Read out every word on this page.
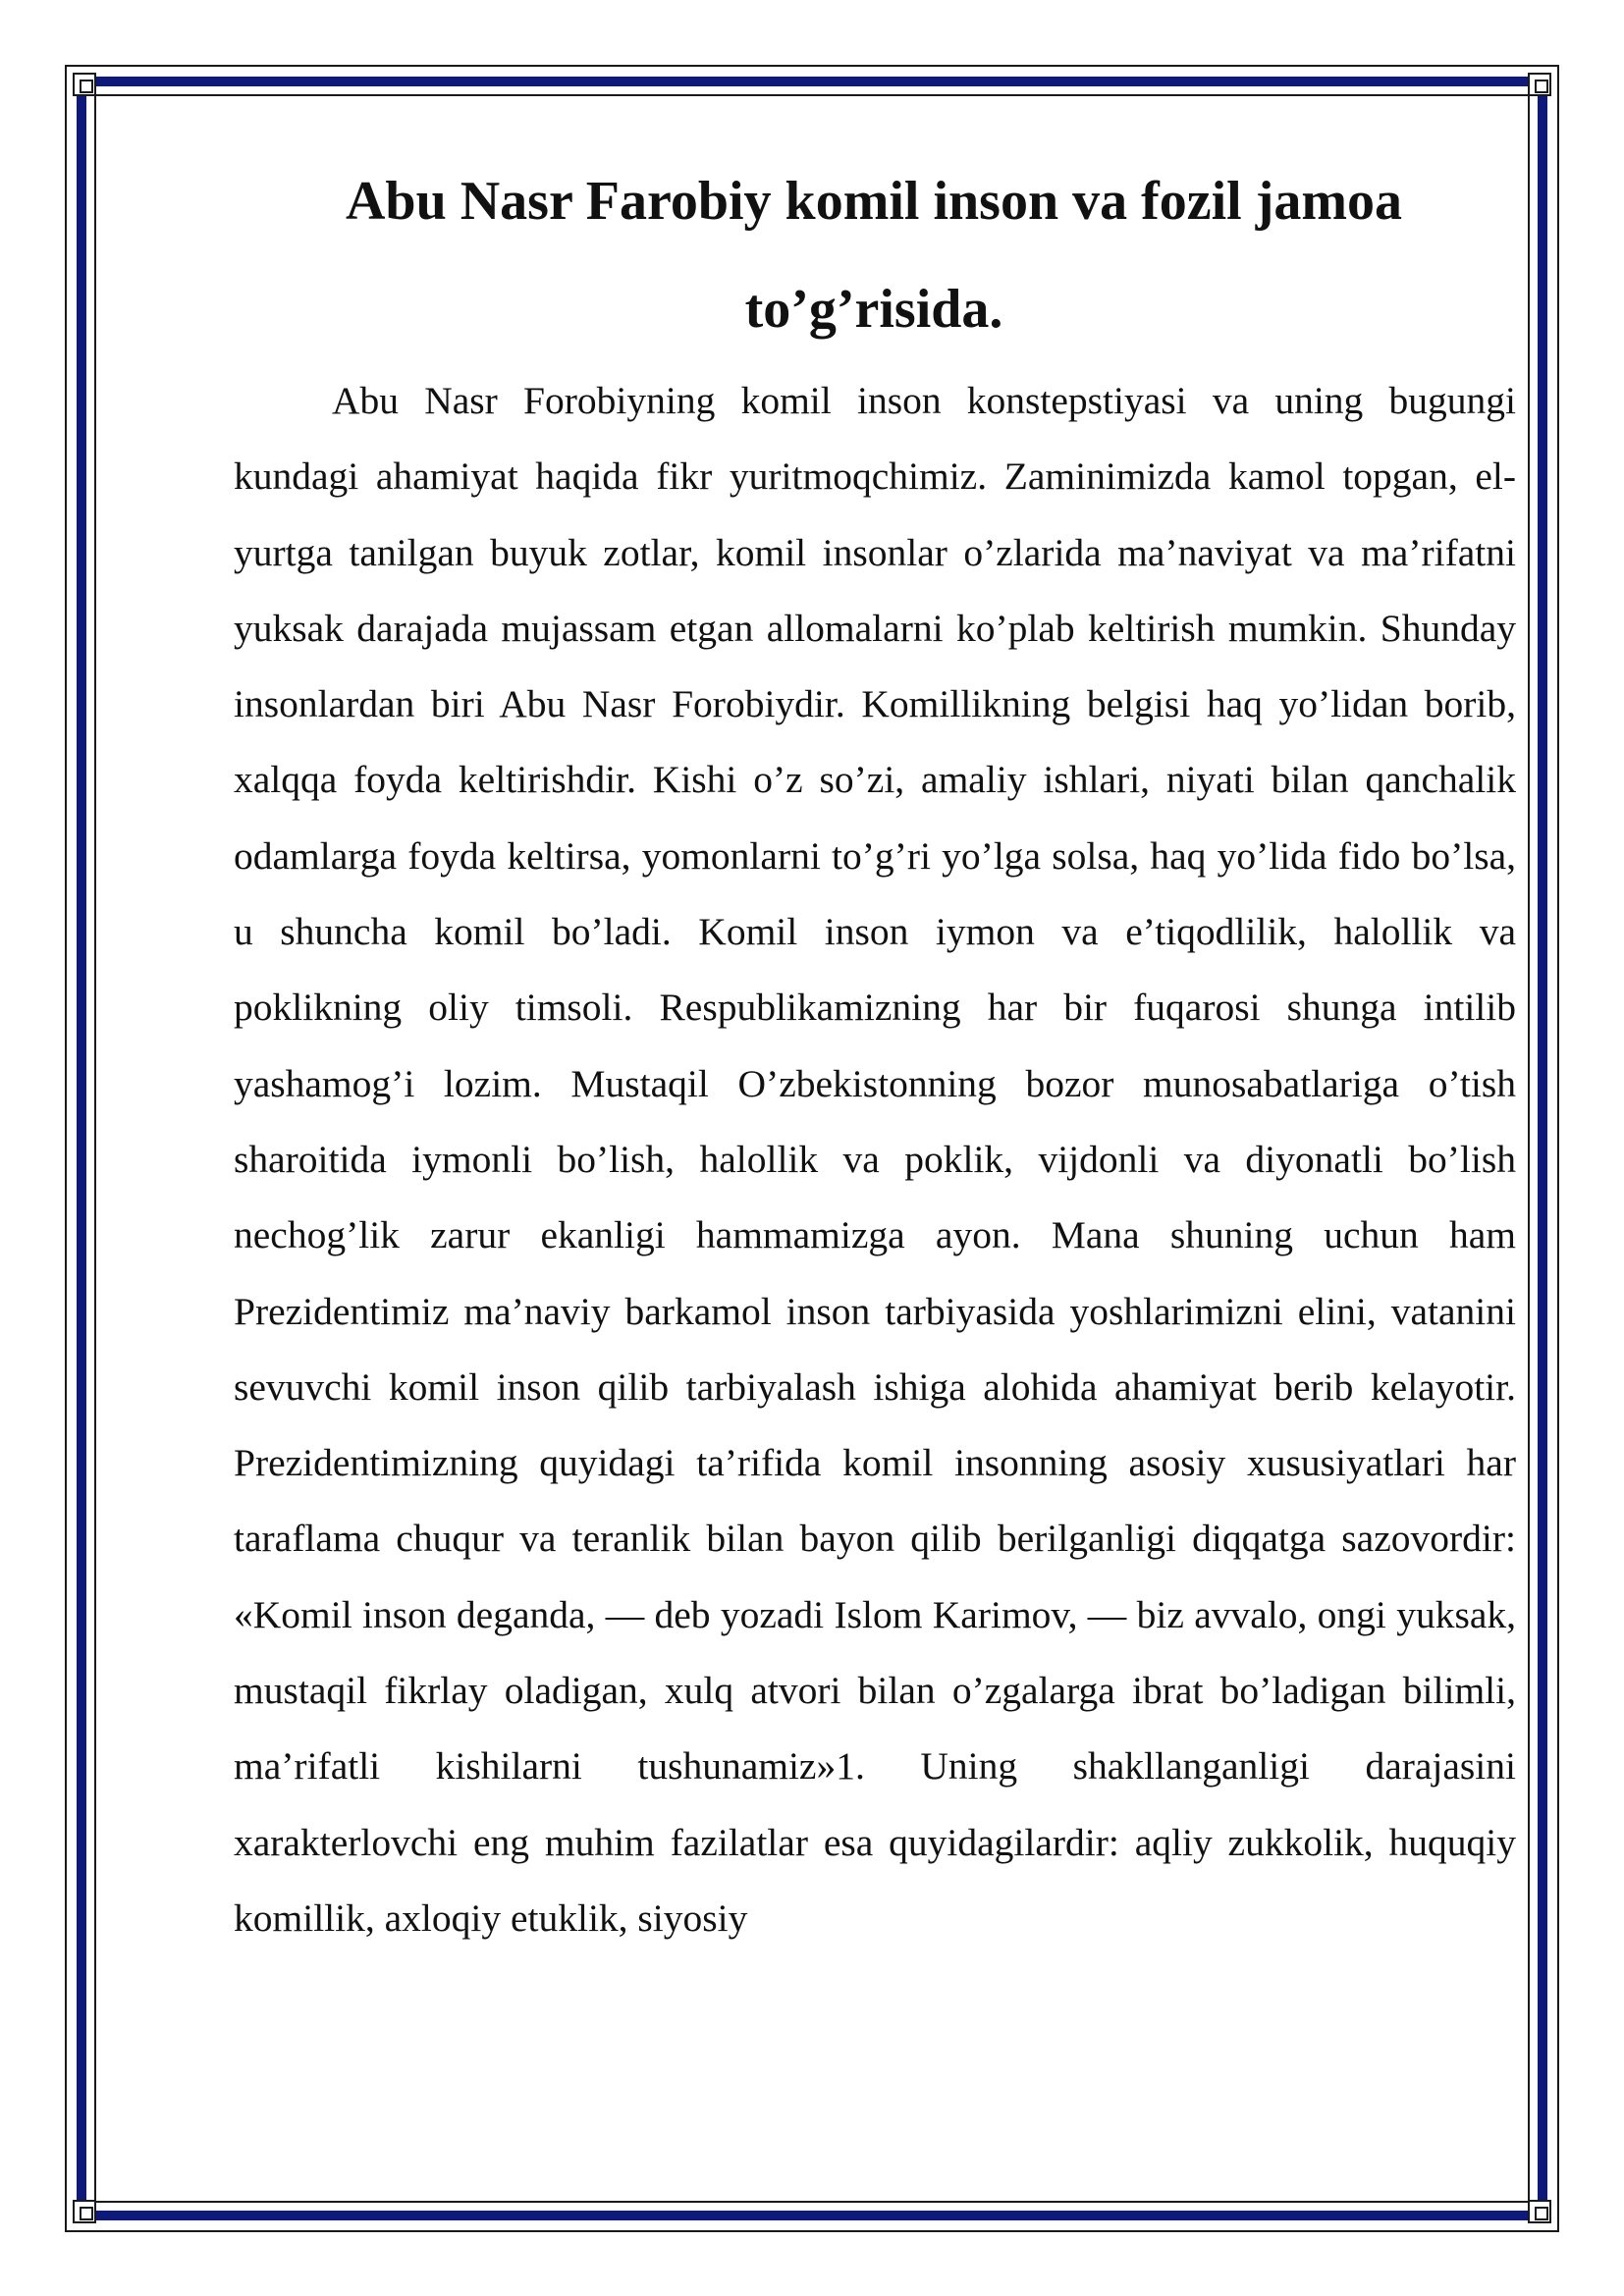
Abu Nasr Farobiy komil inson va fozil jamoa to’g’risida.

Abu Nasr Forobiyning komil inson konstepstiyasi va uning bugungi kundagi ahamiyat haqida fikr yuritmoqchimiz. Zaminimizda kamol topgan, el-yurtga tanilgan buyuk zotlar, komil insonlar o’zlarida ma’naviyat va ma’rifatni yuksak darajada mujassam etgan allomalarni ko’plab keltirish mumkin. Shunday insonlardan biri Abu Nasr Forobiydir. Komillikning belgisi haq yo’lidan borib, xalqqa foyda keltirishdir. Kishi o’z so’zi, amaliy ishlari, niyati bilan qanchalik odamlarga foyda keltirsa, yomonlarni to’g’ri yo’lga solsa, haq yo’lida fido bo’lsa, u shuncha komil bo’ladi. Komil inson iymon va e’tiqodlilik, halollik va poklikning oliy timsoli. Respublikamizning har bir fuqarosi shunga intilib yashamog’i lozim. Mustaqil O’zbekistonning bozor munosabatlariga o’tish sharoitida iymonli bo’lish, halollik va poklik, vijdonli va diyonatli bo’lish nechog’lik zarur ekanligi hammamizga ayon. Mana shuning uchun ham Prezidentimiz ma’naviy barkamol inson tarbiyasida yoshlarimizni elini, vatanini sevuvchi komil inson qilib tarbiyalash ishiga alohida ahamiyat berib kelayotir. Prezidentimizning quyidagi ta’rifida komil insonning asosiy xususiyatlari har taraflama chuqur va teranlik bilan bayon qilib berilganligi diqqatga sazovordir: «Komil inson deganda, — deb yozadi Islom Karimov, — biz avvalo, ongi yuksak, mustaqil fikrlay oladigan, xulq atvori bilan o’zgalarga ibrat bo’ladigan bilimli, ma’rifatli kishilarni tushunamiz»1. Uning shakllanganligi darajasini xarakterlovchi eng muhim fazilatlar esa quyidagilardir: aqliy zukkolik, huquqiy komillik, axloqiy etuklik, siyosiy
